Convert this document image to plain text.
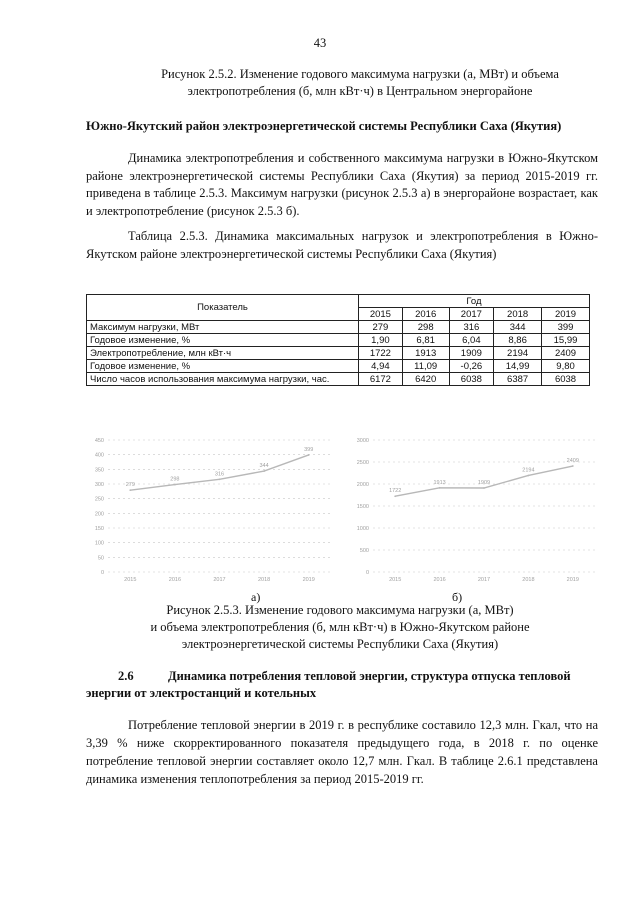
43
Рисунок 2.5.2. Изменение годового максимума нагрузки (а, МВт) и объема
электропотребления (б, млн кВт·ч) в Центральном энергорайоне
Южно-Якутский район электроэнергетической системы Республики Саха (Якутия)
Динамика электропотребления и собственного максимума нагрузки в Южно-Якутском районе электроэнергетической системы Республики Саха (Якутия) за период 2015-2019 гг. приведена в таблице 2.5.3. Максимум нагрузки (рисунок 2.5.3 а) в энергорайоне возрастает, как и электропотребление (рисунок 2.5.3 б).
Таблица 2.5.3. Динамика максимальных нагрузок и электропотребления в Южно-Якутском районе электроэнергетической системы Республики Саха (Якутия)
Показатель	Год				
	2015	2016	2017	2018	2019
Максимум нагрузки, МВт	279	298	316	344	399
Годовое изменение, %	1,90	6,81	6,04	8,86	15,99
Электропотребление, млн кВт·ч	1722	1913	1909	2194	2409
Годовое изменение, %	4,94	11,09	-0,26	14,99	9,80
Число часов использования максимума нагрузки, час.	6172	6420	6038	6387	6038
0
50
100
150
200
250
300
350
400
450
2015	2016	2017	2018	2019
279
298
316
344
399
0
500
1000
1500
2000
2500
3000
2015	2016	2017	2018	2019
1722
1913	1909
2194
2409
а)	б)
Рисунок 2.5.3. Изменение годового максимума нагрузки (а, МВт)
и объема электропотребления (б, млн кВт·ч) в Южно-Якутском районе
электроэнергетической системы Республики Саха (Якутия)
2.6	Динамика потребления тепловой энергии, структура отпуска тепловой энергии от электростанций и котельных
Потребление тепловой энергии в 2019 г. в республике составило 12,3 млн. Гкал, что на 3,39 % ниже скорректированного показателя предыдущего года, в 2018 г. по оценке потребление тепловой энергии составляет около 12,7 млн. Гкал. В таблице 2.6.1 представлена динамика изменения теплопотребления за период 2015-2019 гг.
